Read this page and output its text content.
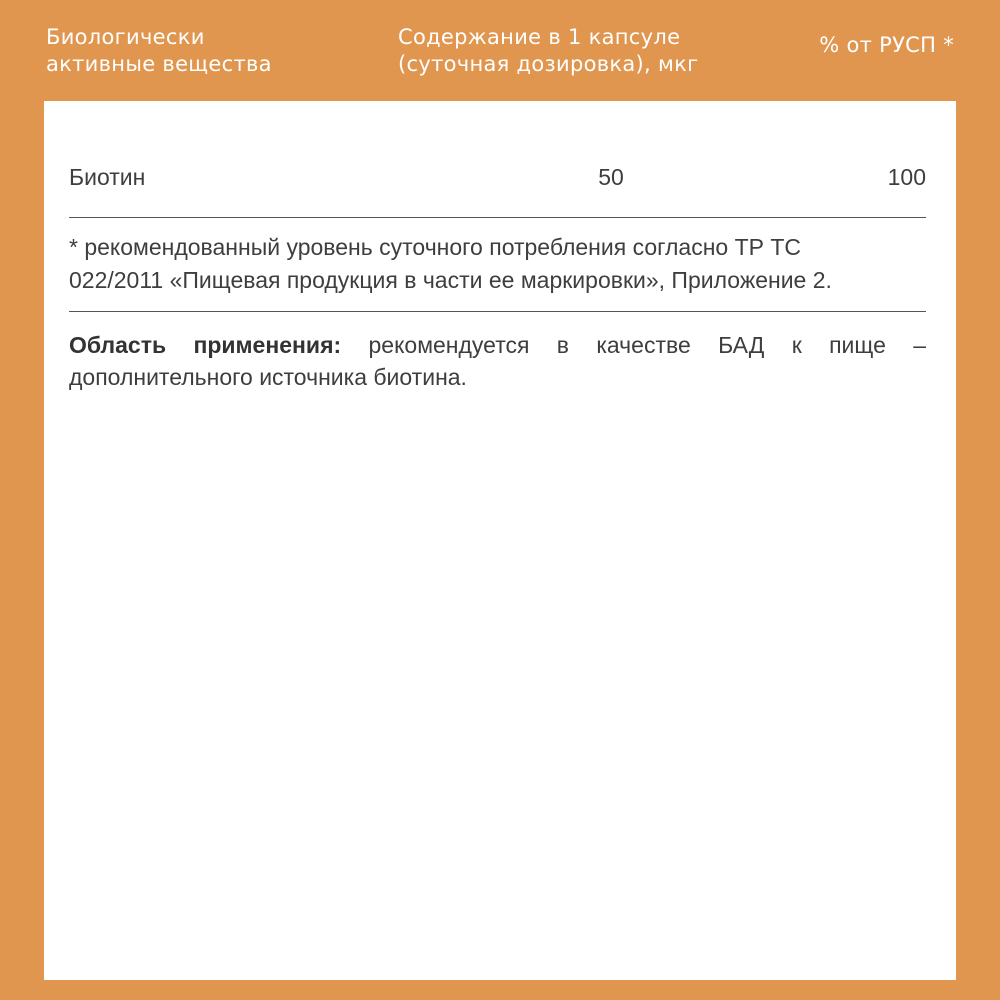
Биологически
активные вещества
Содержание в 1 капсуле
(суточная дозировка), мкг
% от РУСП *
Биотин	50	100
* рекомендованный уровень суточного потребления согласно ТР ТС
022/2011 «Пищевая продукция в части ее маркировки», Приложение 2.
Область применения: рекомендуется в качестве БАД к пище – дополнительного источника биотина.
